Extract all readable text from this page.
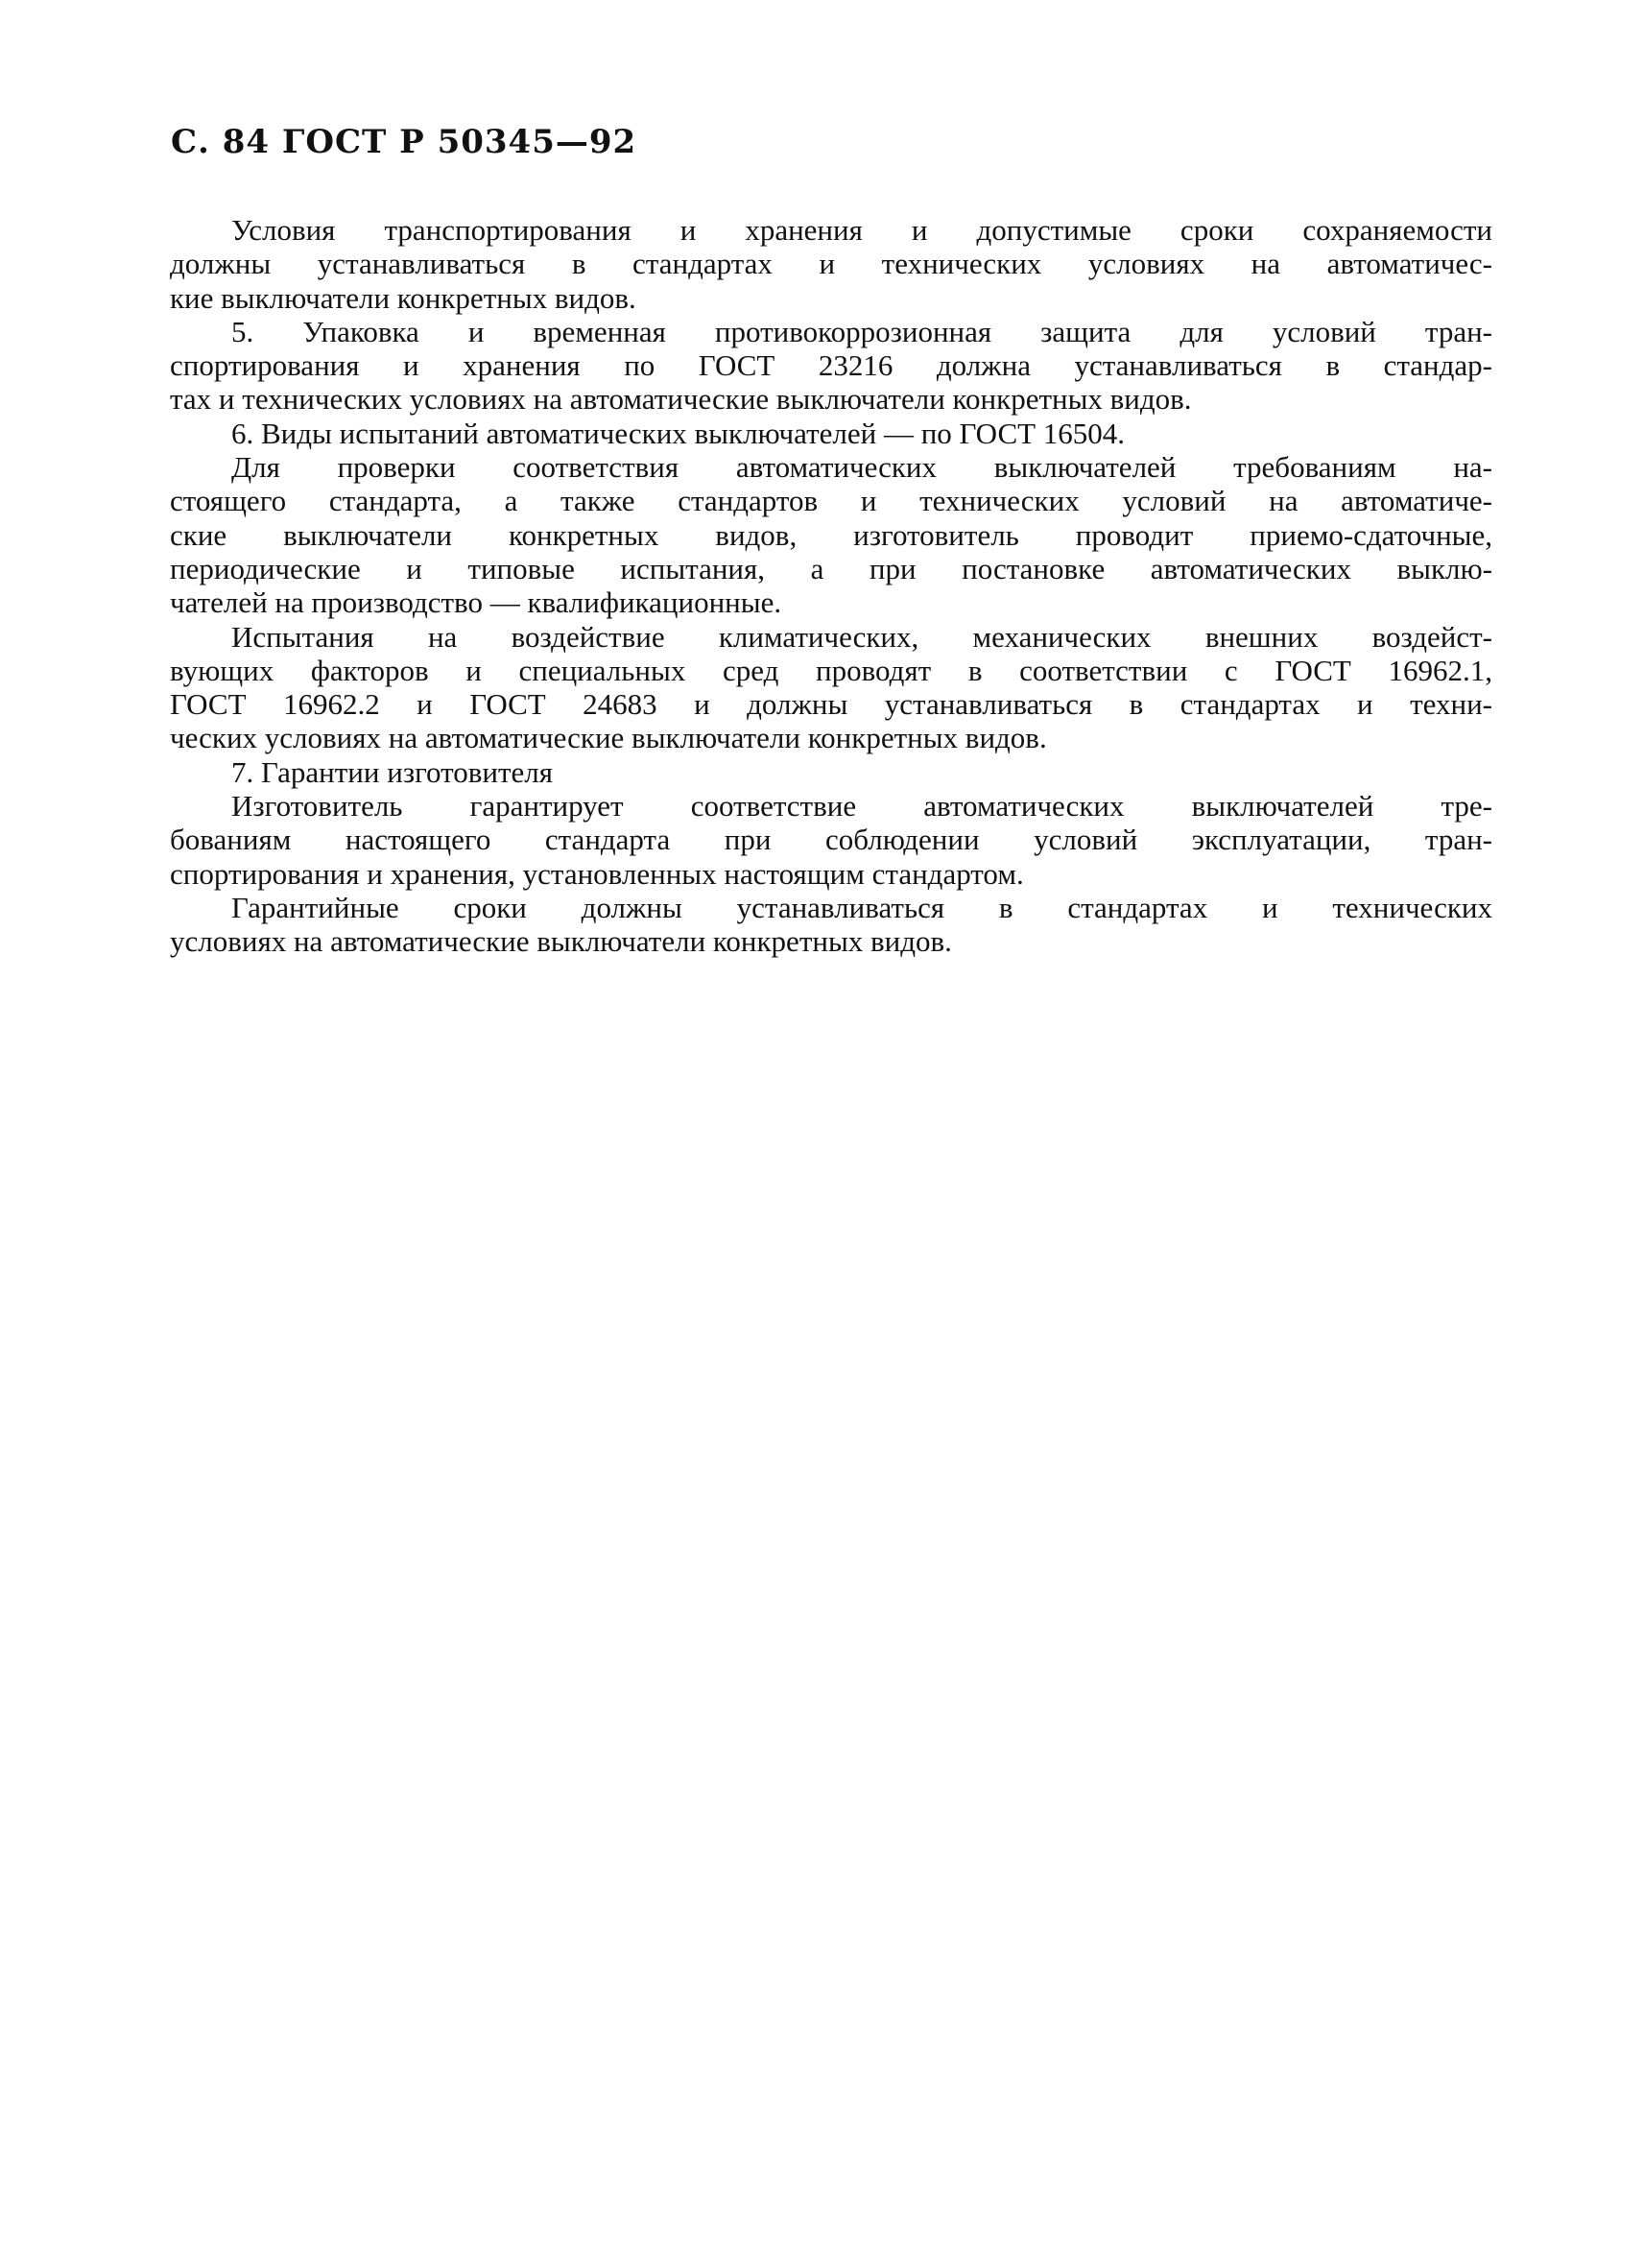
С. 84 ГОСТ Р 50345—92
Условия транспортирования и хранения и допустимые сроки сохраняемости
должны устанавливаться в стандартах и технических условиях на автоматичес-
кие выключатели конкретных видов.
5. Упаковка и временная противокоррозионная защита для условий тран-
спортирования и хранения по ГОСТ 23216 должна устанавливаться в стандар-
тах и технических условиях на автоматические выключатели конкретных видов.
6. Виды испытаний автоматических выключателей — по ГОСТ 16504.
Для проверки соответствия автоматических выключателей требованиям на-
стоящего стандарта, а также стандартов и технических условий на автоматиче-
ские выключатели конкретных видов, изготовитель проводит приемо-сдаточные,
периодические и типовые испытания, а при постановке автоматических выклю-
чателей на производство — квалификационные.
Испытания на воздействие климатических, механических внешних воздейст-
вующих факторов и специальных сред проводят в соответствии с ГОСТ 16962.1,
ГОСТ 16962.2 и ГОСТ 24683 и должны устанавливаться в стандартах и техни-
ческих условиях на автоматические выключатели конкретных видов.
7. Гарантии изготовителя
Изготовитель гарантирует соответствие автоматических выключателей тре-
бованиям настоящего стандарта при соблюдении условий эксплуатации, тран-
спортирования и хранения, установленных настоящим стандартом.
Гарантийные сроки должны устанавливаться в стандартах и технических
условиях на автоматические выключатели конкретных видов.
